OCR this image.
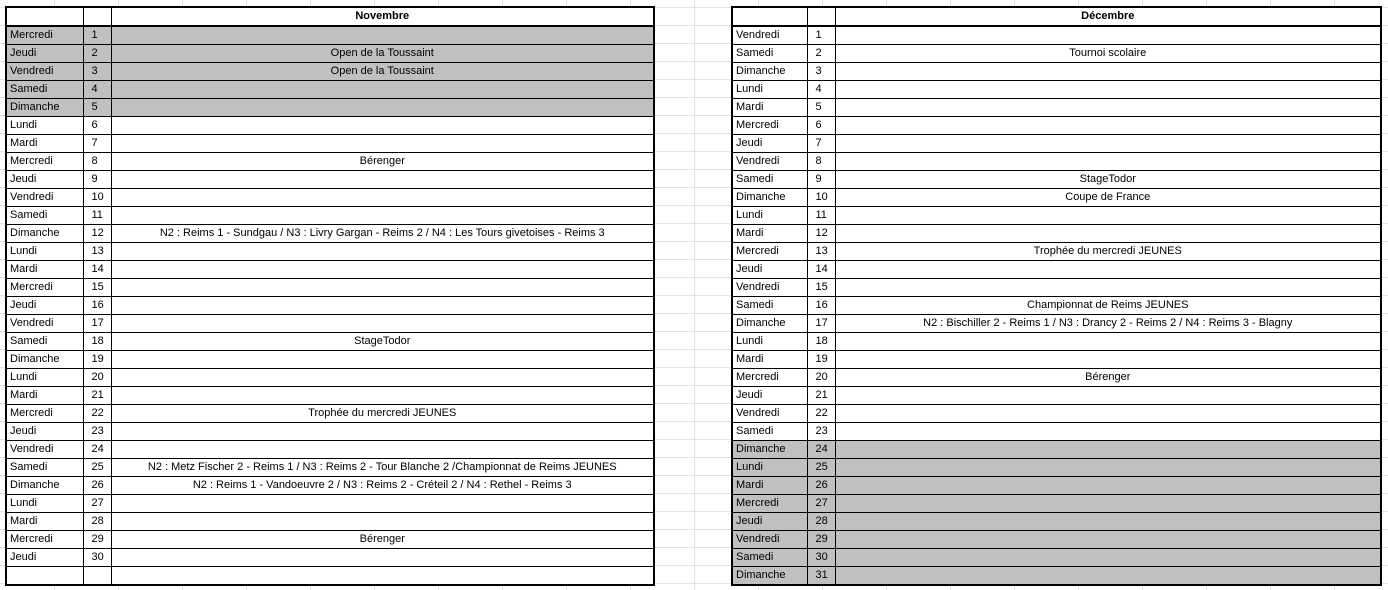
		Novembre
Mercredi	1	
Jeudi	2	Open de la Toussaint
Vendredi	3	Open de la Toussaint
Samedi	4	
Dimanche	5	
Lundi	6	
Mardi	7	
Mercredi	8	Bérenger
Jeudi	9	
Vendredi	10	
Samedi	11	
Dimanche	12	N2 : Reims 1 - Sundgau / N3 : Livry Gargan - Reims 2 / N4 : Les Tours givetoises - Reims 3
Lundi	13	
Mardi	14	
Mercredi	15	
Jeudi	16	
Vendredi	17	
Samedi	18	StageTodor
Dimanche	19	
Lundi	20	
Mardi	21	
Mercredi	22	Trophée du mercredi JEUNES
Jeudi	23	
Vendredi	24	
Samedi	25	N2 : Metz Fischer 2 - Reims 1 / N3 : Reims 2 - Tour Blanche 2 /Championnat de Reims JEUNES
Dimanche	26	N2 : Reims 1 - Vandoeuvre 2 / N3 : Reims 2 - Créteil 2 / N4 : Rethel - Reims 3
Lundi	27	
Mardi	28	
Mercredi	29	Bérenger
Jeudi	30	

		Décembre
Vendredi	1	
Samedi	2	Tournoi scolaire
Dimanche	3	
Lundi	4	
Mardi	5	
Mercredi	6	
Jeudi	7	
Vendredi	8	
Samedi	9	StageTodor
Dimanche	10	Coupe de France
Lundi	11	
Mardi	12	
Mercredi	13	Trophée du mercredi JEUNES
Jeudi	14	
Vendredi	15	
Samedi	16	Championnat de Reims JEUNES
Dimanche	17	N2 : Bischiller 2 - Reims 1 / N3 : Drancy 2 - Reims 2 / N4 : Reims 3 - Blagny
Lundi	18	
Mardi	19	
Mercredi	20	Bérenger
Jeudi	21	
Vendredi	22	
Samedi	23	
Dimanche	24	
Lundi	25	
Mardi	26	
Mercredi	27	
Jeudi	28	
Vendredi	29	
Samedi	30	
Dimanche	31	
